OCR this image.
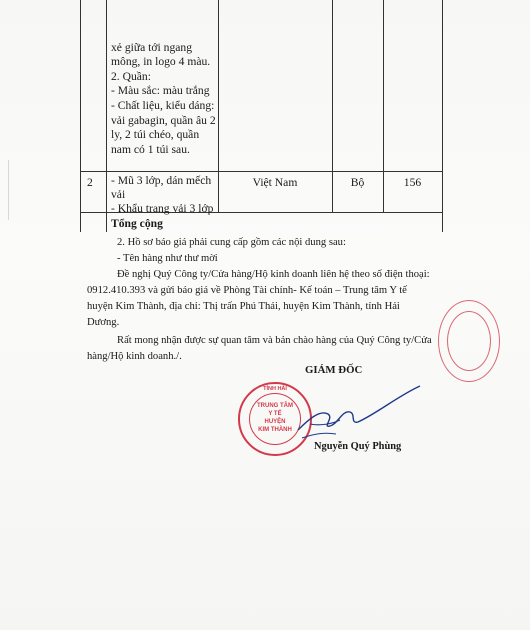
xẻ giữa tới ngang
mông, in logo 4 màu.
2. Quần:
- Màu sắc: màu trắng
- Chất liệu, kiểu dáng:
vải gabagin, quần âu 2
ly, 2 túi chéo, quần
nam có 1 túi sau.
2 - Mũ 3 lớp, dán mếch
vải
- Khẩu trang vải 3 lớp
Việt Nam	Bộ	156
Tổng cộng
2. Hồ sơ báo giá phải cung cấp gồm các nội dung sau:
- Tên hàng như thư mời
Đề nghị Quý Công ty/Cửa hàng/Hộ kinh doanh liên hệ theo số điện thoại:
0912.410.393 và gửi báo giá về Phòng Tài chính- Kế toán – Trung tâm Y tế
huyện Kim Thành, địa chỉ: Thị trấn Phú Thái, huyện Kim Thành, tỉnh Hải
Dương.
Rất mong nhận được sự quan tâm và bản chào hàng của Quý Công ty/Cửa
hàng/Hộ kinh doanh./.
GIÁM ĐỐC
TỈNH HẢI
TRUNG TÂM
Y TẾ
HUYỆN
KIM THÀNH
Nguyễn Quý Phùng
